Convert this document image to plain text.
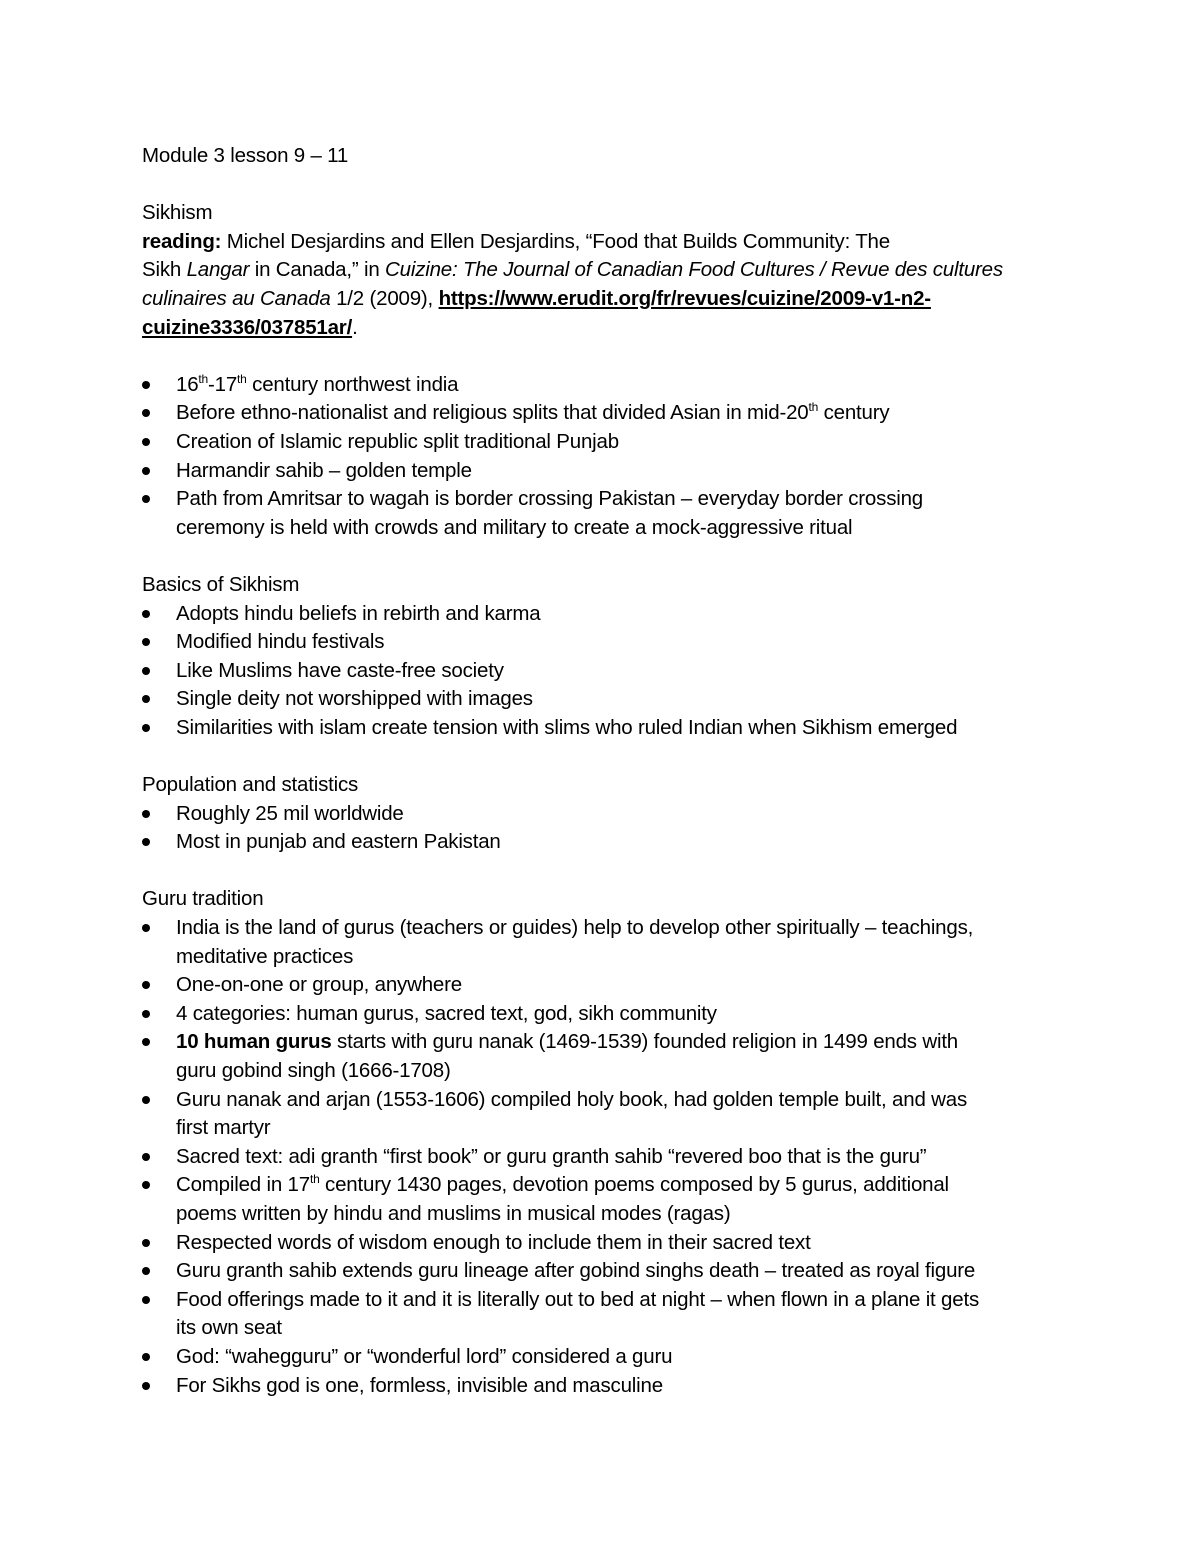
Module 3 lesson 9 – 11
Sikhism
reading: Michel Desjardins and Ellen Desjardins, “Food that Builds Community: The
Sikh Langar in Canada,” in Cuizine: The Journal of Canadian Food Cultures / Revue des cultures
culinaires au Canada 1/2 (2009), https://www.erudit.org/fr/revues/cuizine/2009-v1-n2-
cuizine3336/037851ar/.
16th-17th century northwest india
Before ethno-nationalist and religious splits that divided Asian in mid-20th century
Creation of Islamic republic split traditional Punjab
Harmandir sahib – golden temple
Path from Amritsar to wagah is border crossing Pakistan – everyday border crossing
ceremony is held with crowds and military to create a mock-aggressive ritual
Basics of Sikhism
Adopts hindu beliefs in rebirth and karma
Modified hindu festivals
Like Muslims have caste-free society
Single deity not worshipped with images
Similarities with islam create tension with slims who ruled Indian when Sikhism emerged
Population and statistics
Roughly 25 mil worldwide
Most in punjab and eastern Pakistan
Guru tradition
India is the land of gurus (teachers or guides) help to develop other spiritually – teachings,
meditative practices
One-on-one or group, anywhere
4 categories: human gurus, sacred text, god, sikh community
10 human gurus starts with guru nanak (1469-1539) founded religion in 1499 ends with
guru gobind singh (1666-1708)
Guru nanak and arjan (1553-1606) compiled holy book, had golden temple built, and was
first martyr
Sacred text: adi granth “first book” or guru granth sahib “revered boo that is the guru”
Compiled in 17th century 1430 pages, devotion poems composed by 5 gurus, additional
poems written by hindu and muslims in musical modes (ragas)
Respected words of wisdom enough to include them in their sacred text
Guru granth sahib extends guru lineage after gobind singhs death – treated as royal figure
Food offerings made to it and it is literally out to bed at night – when flown in a plane it gets
its own seat
God: “wahegguru” or “wonderful lord” considered a guru
For Sikhs god is one, formless, invisible and masculine
